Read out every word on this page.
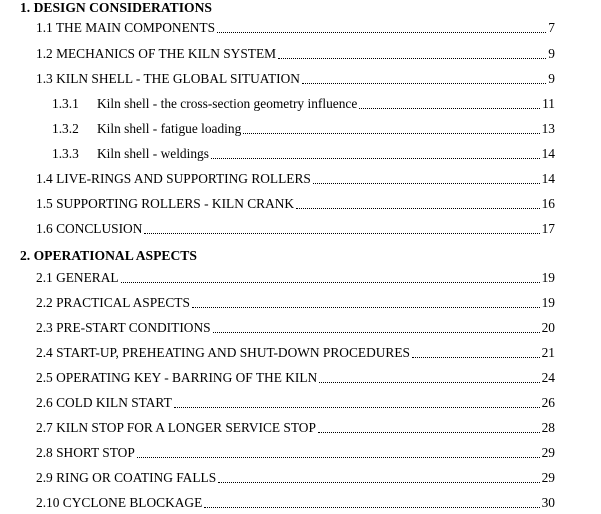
1. DESIGN CONSIDERATIONS
1.1 THE MAIN COMPONENTS	7
1.2 MECHANICS OF THE KILN SYSTEM	9
1.3 KILN SHELL - THE GLOBAL SITUATION	9
1.3.1 Kiln shell - the cross-section geometry influence	11
1.3.2 Kiln shell - fatigue loading	13
1.3.3 Kiln shell - weldings	14
1.4 LIVE-RINGS AND SUPPORTING ROLLERS	14
1.5 SUPPORTING ROLLERS - KILN CRANK	16
1.6 CONCLUSION	17
2. OPERATIONAL ASPECTS
2.1 GENERAL	19
2.2 PRACTICAL ASPECTS	19
2.3 PRE-START CONDITIONS	20
2.4 START-UP, PREHEATING AND SHUT-DOWN PROCEDURES	21
2.5 OPERATING KEY - BARRING OF THE KILN	24
2.6 COLD KILN START	26
2.7 KILN STOP FOR A LONGER SERVICE STOP	28
2.8 SHORT STOP	29
2.9 RING OR COATING FALLS	29
2.10 CYCLONE BLOCKAGE	30
